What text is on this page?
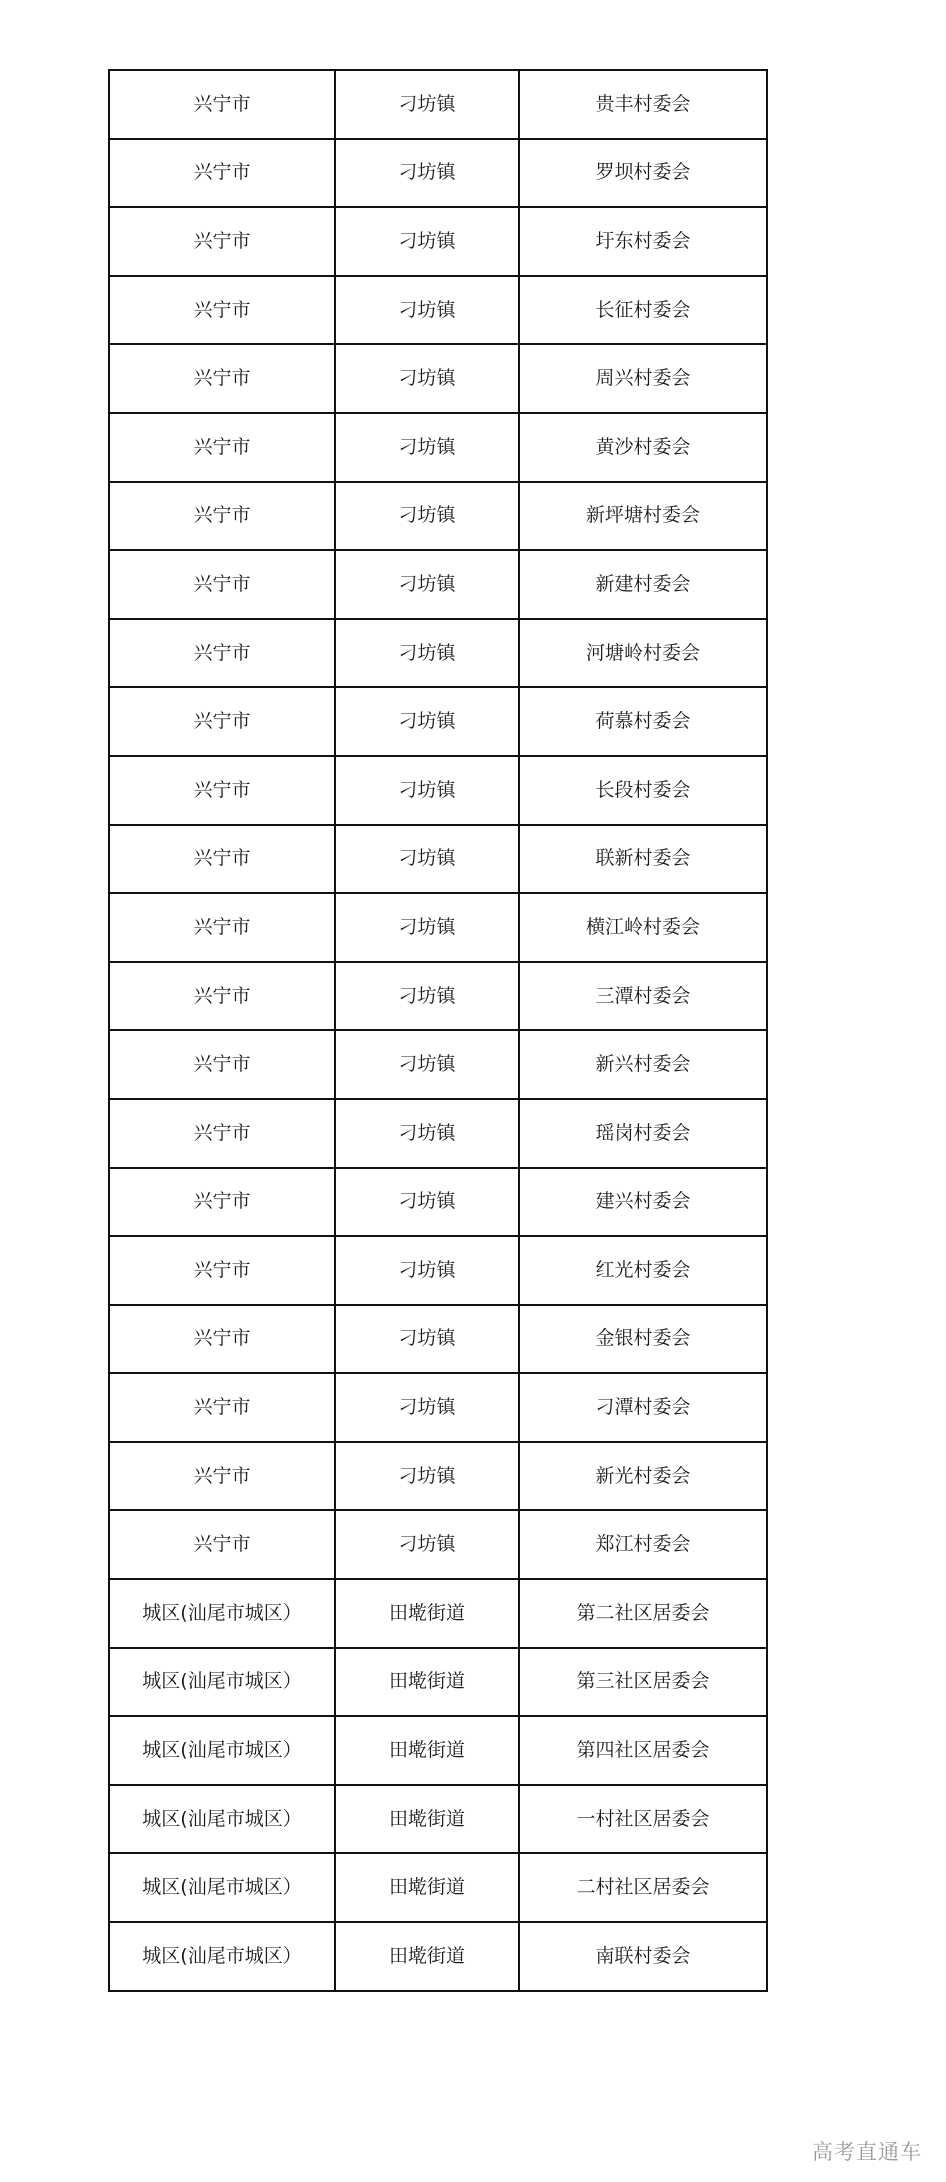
兴宁市	刁坊镇	贵丰村委会
兴宁市	刁坊镇	罗坝村委会
兴宁市	刁坊镇	圩东村委会
兴宁市	刁坊镇	长征村委会
兴宁市	刁坊镇	周兴村委会
兴宁市	刁坊镇	黄沙村委会
兴宁市	刁坊镇	新坪塘村委会
兴宁市	刁坊镇	新建村委会
兴宁市	刁坊镇	河塘岭村委会
兴宁市	刁坊镇	荷慕村委会
兴宁市	刁坊镇	长段村委会
兴宁市	刁坊镇	联新村委会
兴宁市	刁坊镇	横江岭村委会
兴宁市	刁坊镇	三潭村委会
兴宁市	刁坊镇	新兴村委会
兴宁市	刁坊镇	瑶岗村委会
兴宁市	刁坊镇	建兴村委会
兴宁市	刁坊镇	红光村委会
兴宁市	刁坊镇	金银村委会
兴宁市	刁坊镇	刁潭村委会
兴宁市	刁坊镇	新光村委会
兴宁市	刁坊镇	郑江村委会
城区(汕尾市城区）	田墘街道	第二社区居委会
城区(汕尾市城区）	田墘街道	第三社区居委会
城区(汕尾市城区）	田墘街道	第四社区居委会
城区(汕尾市城区）	田墘街道	一村社区居委会
城区(汕尾市城区）	田墘街道	二村社区居委会
城区(汕尾市城区）	田墘街道	南联村委会
高考直通车
